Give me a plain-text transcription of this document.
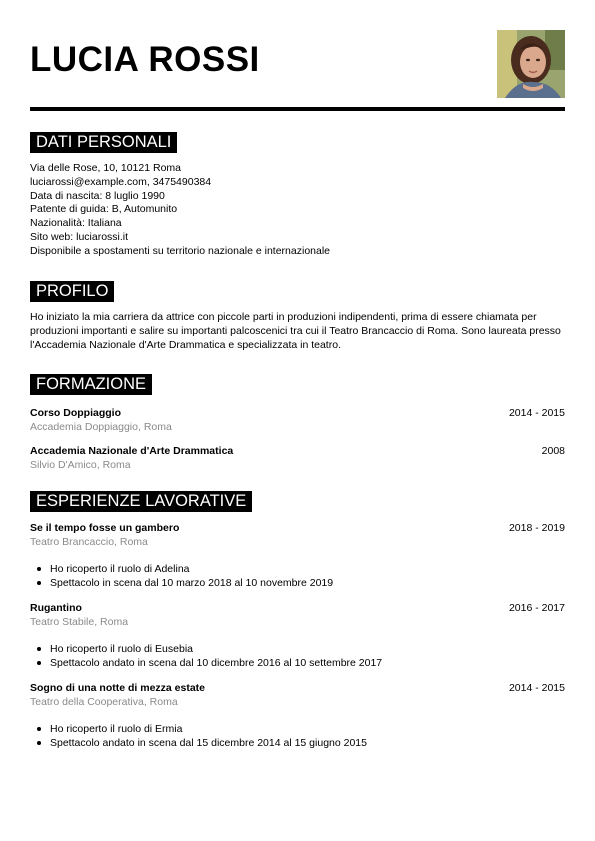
LUCIA ROSSI
DATI PERSONALI
Via delle Rose, 10, 10121 Roma
luciarossi@example.com, 3475490384
Data di nascita: 8 luglio 1990
Patente di guida: B, Automunito
Nazionalità: Italiana
Sito web: luciarossi.it
Disponibile a spostamenti su territorio nazionale e internazionale
PROFILO
Ho iniziato la mia carriera da attrice con piccole parti in produzioni indipendenti, prima di essere chiamata per produzioni importanti e salire su importanti palcoscenici tra cui il Teatro Brancaccio di Roma. Sono laureata presso l'Accademia Nazionale d'Arte Drammatica e specializzata in teatro.
FORMAZIONE
Corso Doppiaggio	2014 - 2015
Accademia Doppiaggio, Roma
Accademia Nazionale d'Arte Drammatica	2008
Silvio D'Amico, Roma
ESPERIENZE LAVORATIVE
Se il tempo fosse un gambero	2018 - 2019
Teatro Brancaccio, Roma
Ho ricoperto il ruolo di Adelina
Spettacolo in scena dal 10 marzo 2018 al 10 novembre 2019
Rugantino	2016 - 2017
Teatro Stabile, Roma
Ho ricoperto il ruolo di Eusebia
Spettacolo andato in scena dal 10 dicembre 2016 al 10 settembre 2017
Sogno di una notte di mezza estate	2014 - 2015
Teatro della Cooperativa, Roma
Ho ricoperto il ruolo di Ermia
Spettacolo andato in scena dal 15 dicembre 2014 al 15 giugno 2015
